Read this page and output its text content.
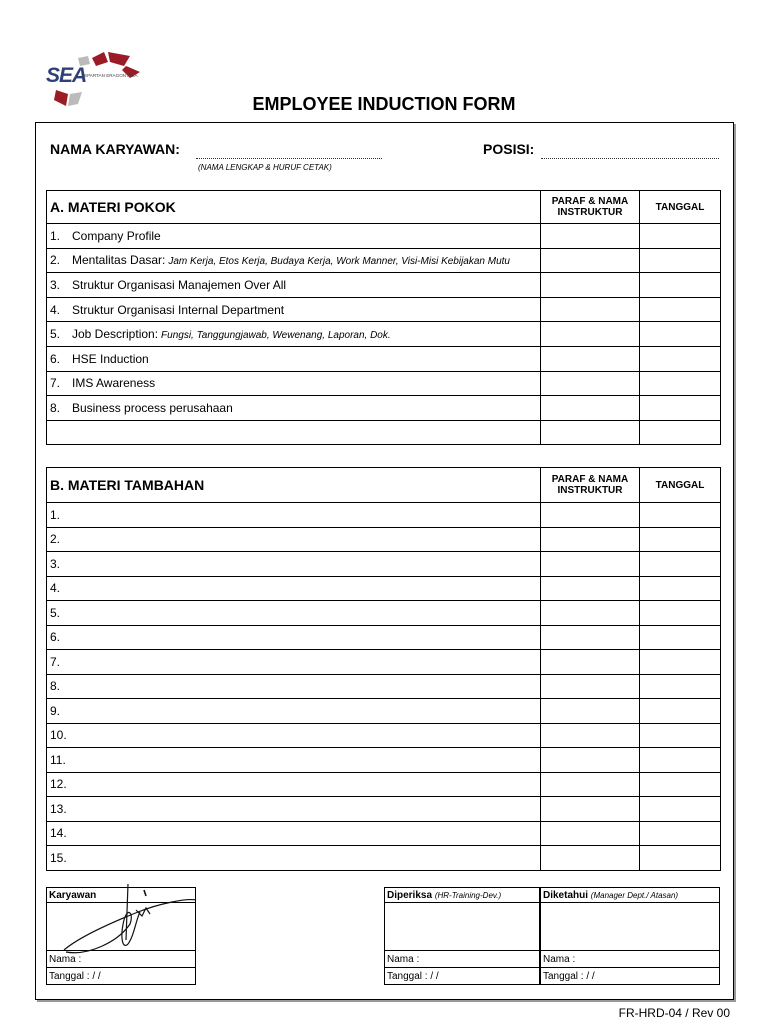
SEA
SPARTAN ERAGON ASIA
EMPLOYEE INDUCTION FORM
NAMA KARYAWAN:
(NAMA LENGKAP & HURUF CETAK)
POSISI:
A. MATERI POKOK	PARAF & NAMA INSTRUKTUR	TANGGAL
1. Company Profile		
2. Mentalitas Dasar: Jam Kerja, Etos Kerja, Budaya Kerja, Work Manner, Visi-Misi Kebijakan Mutu		
3. Struktur Organisasi Manajemen Over All		
4. Struktur Organisasi Internal Department		
5. Job Description: Fungsi, Tanggungjawab, Wewenang, Laporan, Dok.		
6. HSE Induction		
7. IMS Awareness		
8. Business process perusahaan		

B. MATERI TAMBAHAN	PARAF & NAMA INSTRUKTUR	TANGGAL
1.		
2.		
3.		
4.		
5.		
6.		
7.		
8.		
9.		
10.		
11.		
12.		
13.		
14.		
15.		
Karyawan

Nama :
Tanggal : / /
Diperiksa (HR-Training-Dev.)

Nama :
Tanggal : / /
Diketahui (Manager Dept./ Atasan)

Nama :
Tanggal : / /
FR-HRD-04 / Rev 00
